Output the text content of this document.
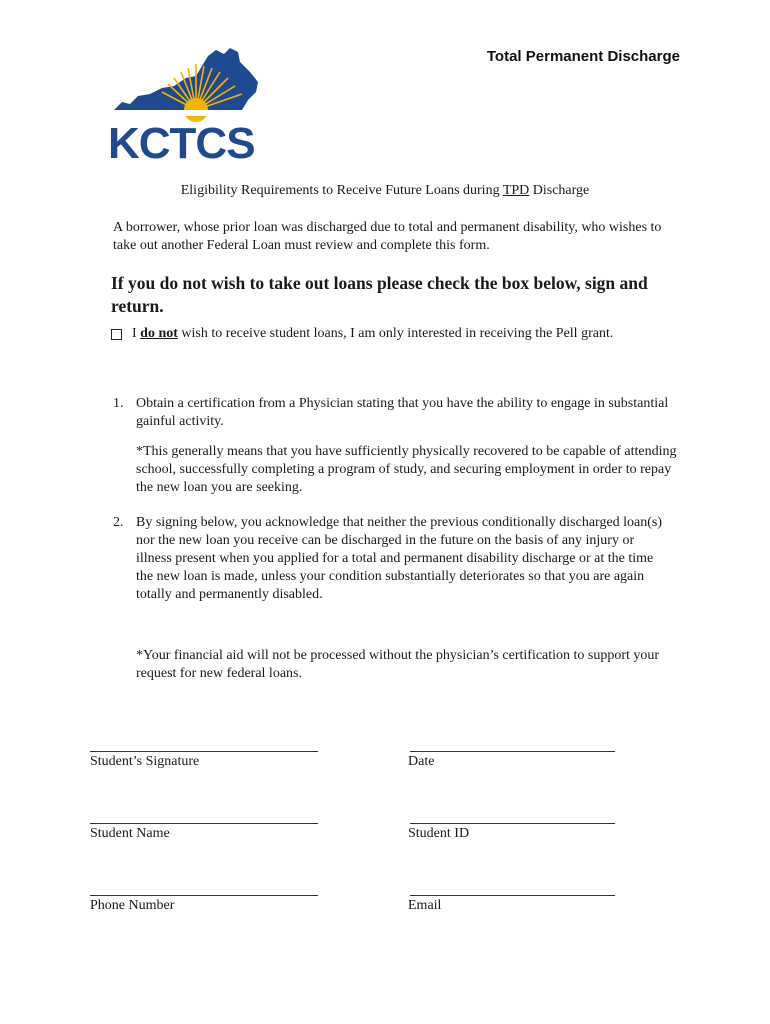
Total Permanent Discharge
KCTCS
Eligibility Requirements to Receive Future Loans during TPD Discharge
A borrower, whose prior loan was discharged due to total and permanent disability, who wishes to take out another Federal Loan must review and complete this form.
If you do not wish to take out loans please check the box below, sign and return.
I do not wish to receive student loans, I am only interested in receiving the Pell grant.
1. Obtain a certification from a Physician stating that you have the ability to engage in substantial gainful activity.
*This generally means that you have sufficiently physically recovered to be capable of attending school, successfully completing a program of study, and securing employment in order to repay the new loan you are seeking.
2. By signing below, you acknowledge that neither the previous conditionally discharged loan(s) nor the new loan you receive can be discharged in the future on the basis of any injury or illness present when you applied for a total and permanent disability discharge or at the time the new loan is made, unless your condition substantially deteriorates so that you are again totally and permanently disabled.
*Your financial aid will not be processed without the physician’s certification to support your request for new federal loans.
Student’s Signature	Date
Student Name	Student ID
Phone Number	Email
